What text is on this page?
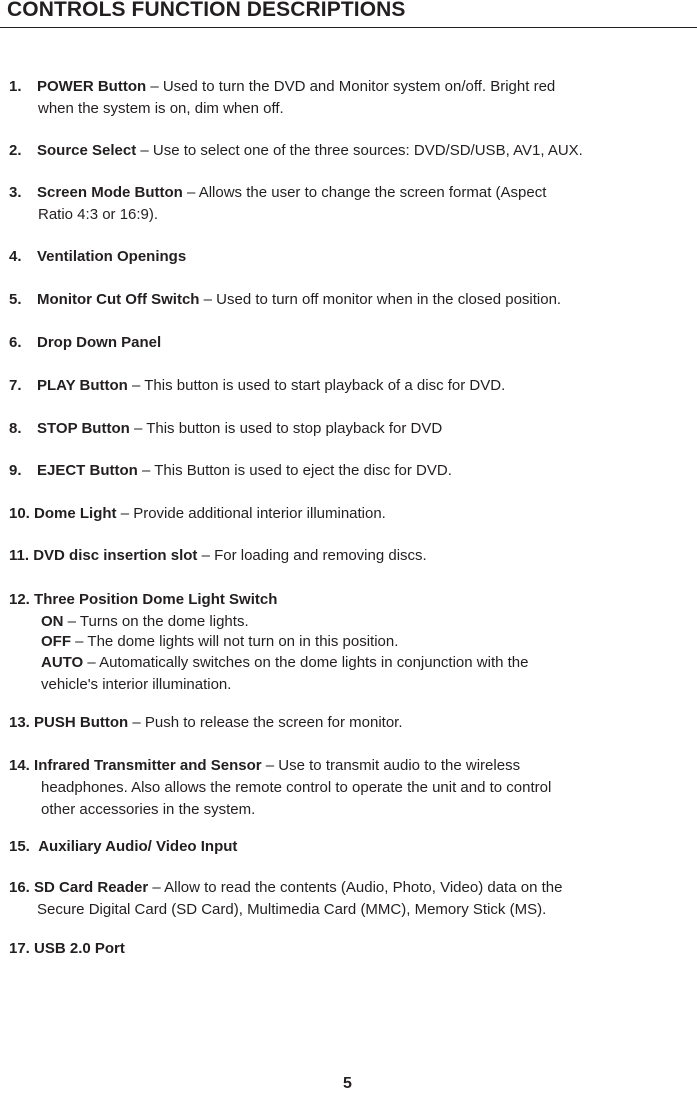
CONTROLS FUNCTION DESCRIPTIONS
1. POWER Button – Used to turn the DVD and Monitor system on/off. Bright red
when the system is on, dim when off.
2. Source Select – Use to select one of the three sources: DVD/SD/USB, AV1, AUX.
3. Screen Mode Button – Allows the user to change the screen format (Aspect
Ratio 4:3 or 16:9).
4. Ventilation Openings
5. Monitor Cut Off Switch – Used to turn off monitor when in the closed position.
6. Drop Down Panel
7. PLAY Button – This button is used to start playback of a disc for DVD.
8. STOP Button – This button is used to stop playback for DVD
9. EJECT Button – This Button is used to eject the disc for DVD.
10. Dome Light – Provide additional interior illumination.
11. DVD disc insertion slot – For loading and removing discs.
12. Three Position Dome Light Switch
ON – Turns on the dome lights.
OFF – The dome lights will not turn on in this position.
AUTO – Automatically switches on the dome lights in conjunction with the
vehicle's interior illumination.
13. PUSH Button – Push to release the screen for monitor.
14. Infrared Transmitter and Sensor – Use to transmit audio to the wireless
headphones. Also allows the remote control to operate the unit and to control
other accessories in the system.
15. Auxiliary Audio/ Video Input
16. SD Card Reader – Allow to read the contents (Audio, Photo, Video) data on the
Secure Digital Card (SD Card), Multimedia Card (MMC), Memory Stick (MS).
17. USB 2.0 Port
5
